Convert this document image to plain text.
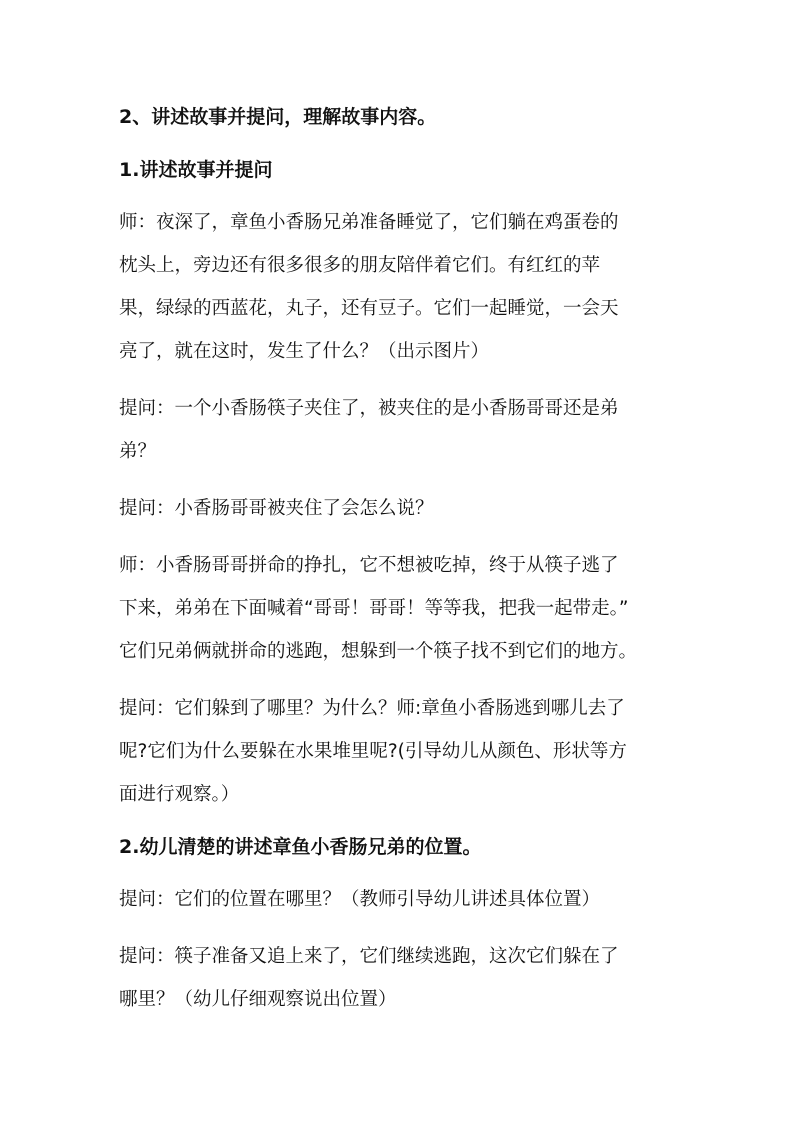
2、讲述故事并提问，理解故事内容。

1.讲述故事并提问

师：夜深了，章鱼小香肠兄弟准备睡觉了，它们躺在鸡蛋卷的
枕头上，旁边还有很多很多的朋友陪伴着它们。有红红的苹
果，绿绿的西蓝花，丸子，还有豆子。它们一起睡觉，一会天
亮了，就在这时，发生了什么？（出示图片）

提问：一个小香肠筷子夹住了，被夹住的是小香肠哥哥还是弟
弟？

提问：小香肠哥哥被夹住了会怎么说？

师：小香肠哥哥拼命的挣扎，它不想被吃掉，终于从筷子逃了
下来，弟弟在下面喊着“哥哥！哥哥！等等我，把我一起带走。”
它们兄弟俩就拼命的逃跑，想躲到一个筷子找不到它们的地方。

提问：它们躲到了哪里？为什么？师:章鱼小香肠逃到哪儿去了
呢?它们为什么要躲在水果堆里呢?(引导幼儿从颜色、形状等方
面进行观察。）

2.幼儿清楚的讲述章鱼小香肠兄弟的位置。

提问：它们的位置在哪里？（教师引导幼儿讲述具体位置）

提问：筷子准备又追上来了，它们继续逃跑，这次它们躲在了
哪里？（幼儿仔细观察说出位置）
